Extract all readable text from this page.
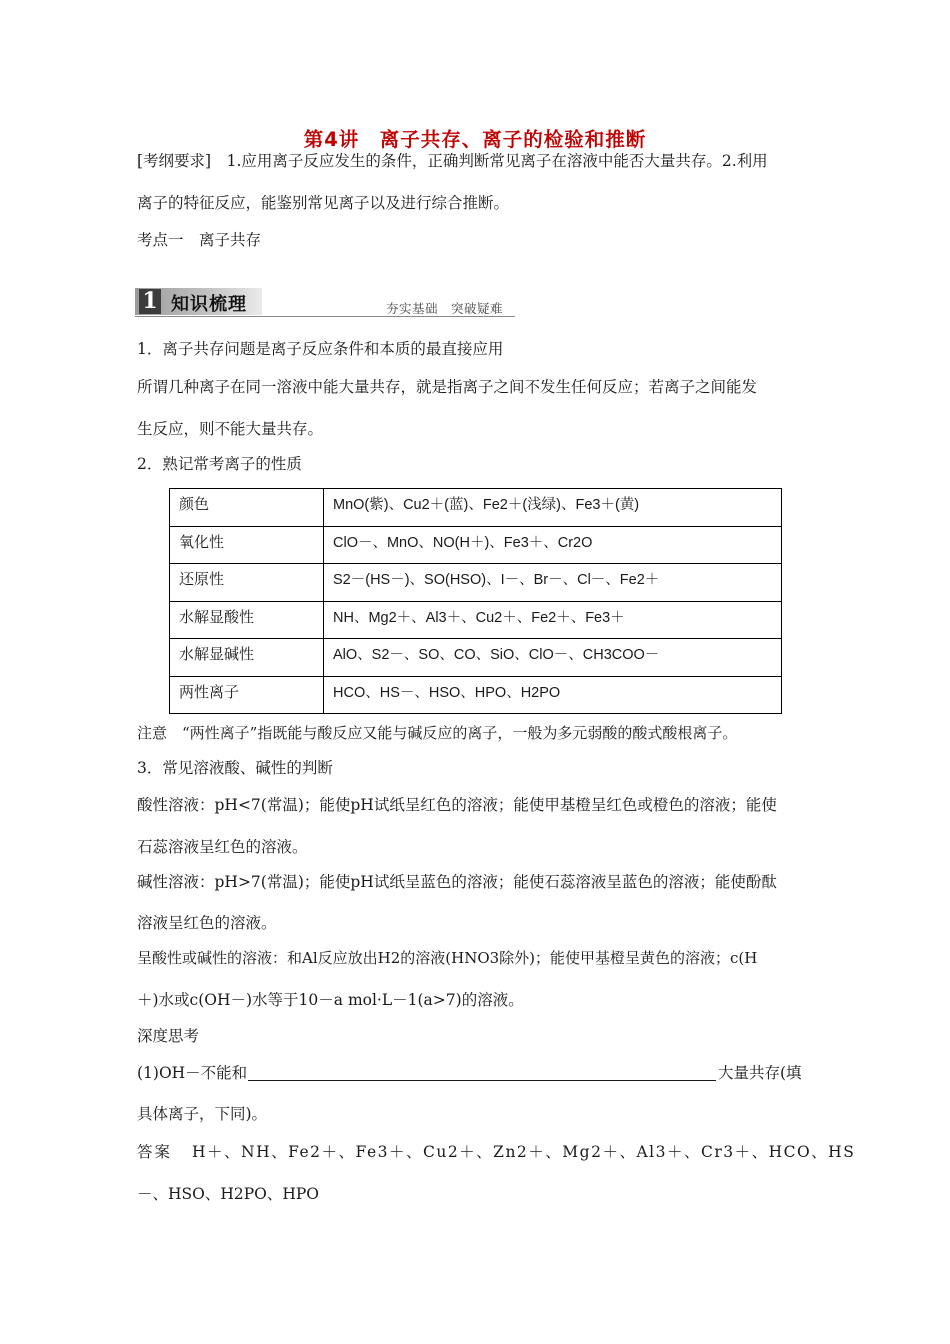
第4讲　离子共存、离子的检验和推断
[考纲要求]　1.应用离子反应发生的条件，正确判断常见离子在溶液中能否大量共存。2.利用
离子的特征反应，能鉴别常见离子以及进行综合推断。
考点一　离子共存
1 知识梳理	夯实基础　突破疑难
1．离子共存问题是离子反应条件和本质的最直接应用
所谓几种离子在同一溶液中能大量共存，就是指离子之间不发生任何反应；若离子之间能发
生反应，则不能大量共存。
2．熟记常考离子的性质
颜色	MnO(紫)、Cu2＋(蓝)、Fe2＋(浅绿)、Fe3＋(黄)
氧化性	ClO－、MnO、NO(H＋)、Fe3＋、Cr2O
还原性	S2－(HS－)、SO(HSO)、I－、Br－、Cl－、Fe2＋
水解显酸性	NH、Mg2＋、Al3＋、Cu2＋、Fe2＋、Fe3＋
水解显碱性	AlO、S2－、SO、CO、SiO、ClO－、CH3COO－
两性离子	HCO、HS－、HSO、HPO、H2PO
注意　“两性离子”指既能与酸反应又能与碱反应的离子，一般为多元弱酸的酸式酸根离子。
3．常见溶液酸、碱性的判断
酸性溶液：pH<7(常温)；能使pH试纸呈红色的溶液；能使甲基橙呈红色或橙色的溶液；能使
石蕊溶液呈红色的溶液。
碱性溶液：pH>7(常温)；能使pH试纸呈蓝色的溶液；能使石蕊溶液呈蓝色的溶液；能使酚酞
溶液呈红色的溶液。
呈酸性或碱性的溶液：和Al反应放出H2的溶液(HNO3除外)；能使甲基橙呈黄色的溶液；c(H
＋)水或c(OH－)水等于10－a mol·L－1(a>7)的溶液。
深度思考
(1)OH－不能和	大量共存(填
具体离子，下同)。
答案 H＋、NH、Fe2＋、Fe3＋、Cu2＋、Zn2＋、Mg2＋、Al3＋、Cr3＋、HCO、HS
－、HSO、H2PO、HPO
